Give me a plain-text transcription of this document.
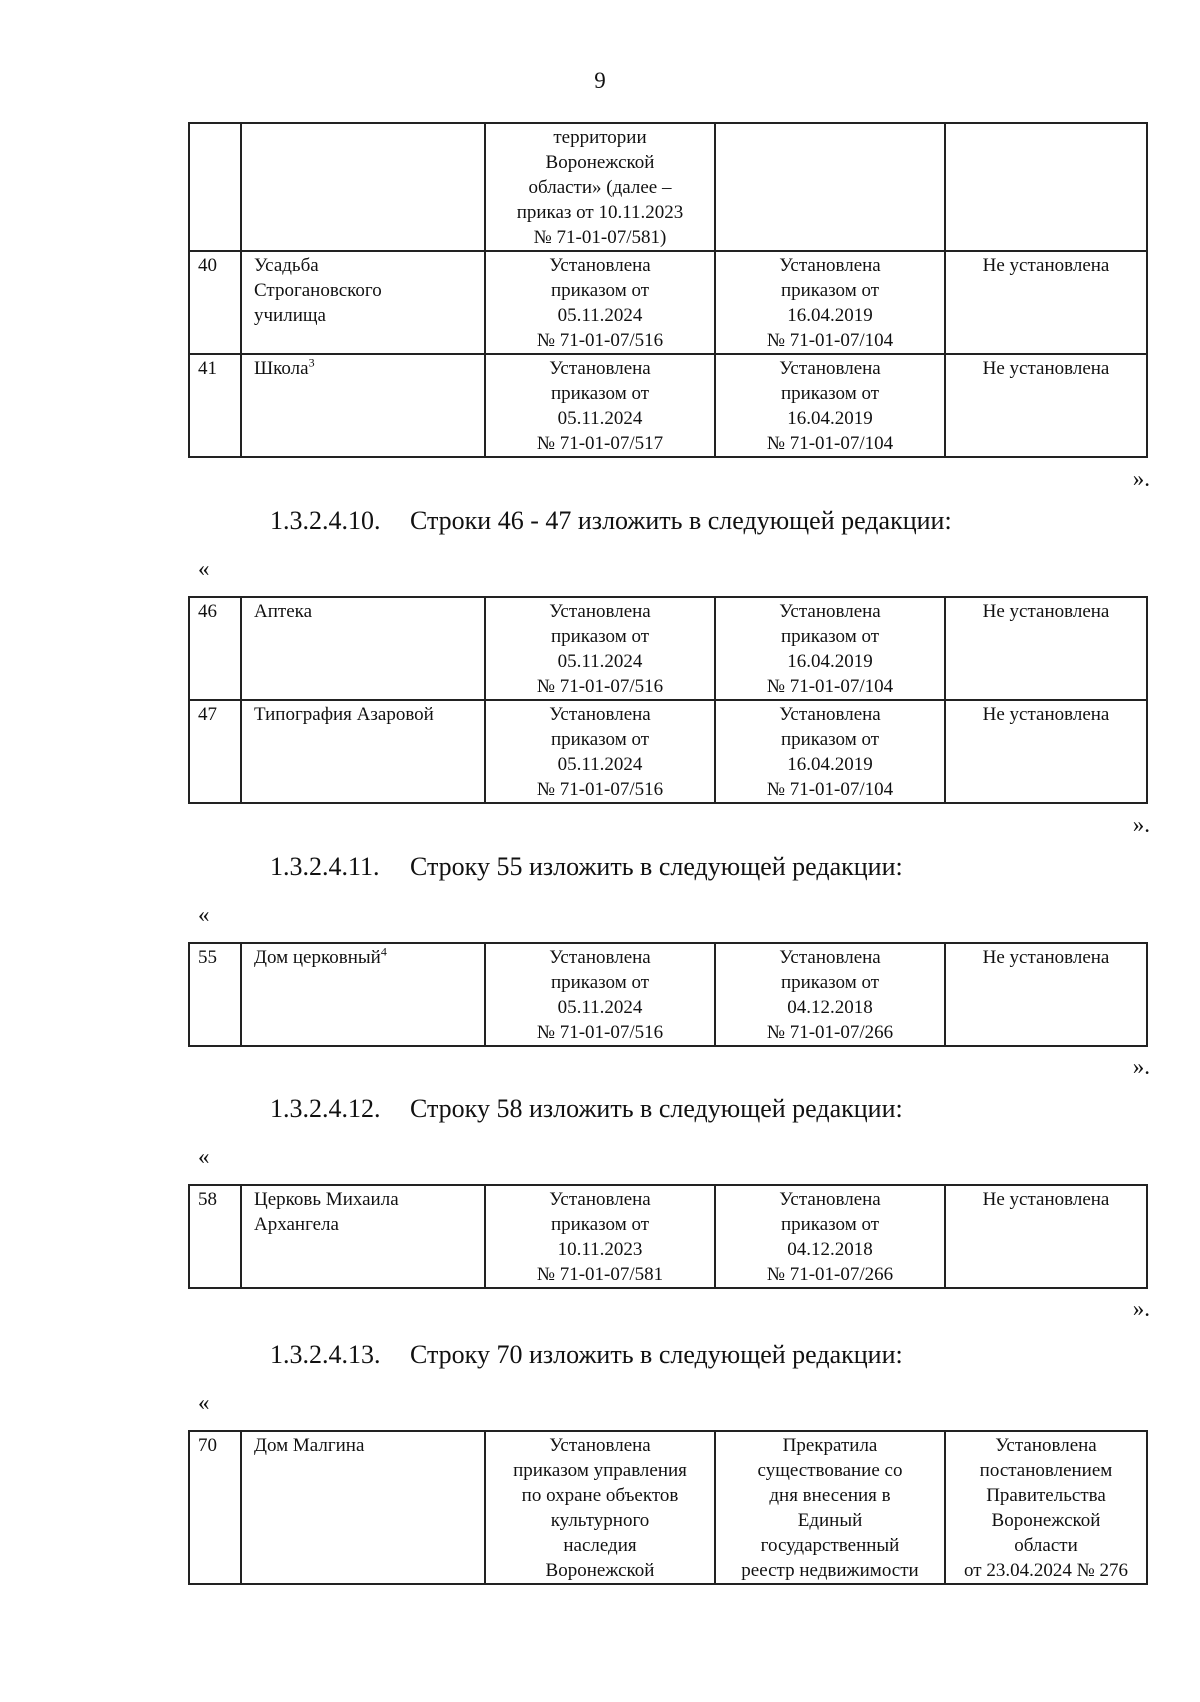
9
		территории
Воронежской
области» (далее –
приказ от 10.11.2023
№ 71-01-07/581)		
40	Усадьба
Строгановского
училища	Установлена
приказом от
05.11.2024
№ 71-01-07/516	Установлена
приказом от
16.04.2019
№ 71-01-07/104	Не установлена
41	Школа$^3$	Установлена
приказом от
05.11.2024
№ 71-01-07/517	Установлена
приказом от
16.04.2019
№ 71-01-07/104	Не установлена
».
1.3.2.4.10. Строки 46 - 47 изложить в следующей редакции:
«
46	Аптека	Установлена
приказом от
05.11.2024
№ 71-01-07/516	Установлена
приказом от
16.04.2019
№ 71-01-07/104	Не установлена
47	Типография Азаровой	Установлена
приказом от
05.11.2024
№ 71-01-07/516	Установлена
приказом от
16.04.2019
№ 71-01-07/104	Не установлена
».
1.3.2.4.11. Строку 55 изложить в следующей редакции:
«
55	Дом церковный$^4$	Установлена
приказом от
05.11.2024
№ 71-01-07/516	Установлена
приказом от
04.12.2018
№ 71-01-07/266	Не установлена
».
1.3.2.4.12. Строку 58 изложить в следующей редакции:
«
58	Церковь Михаила
Архангела	Установлена
приказом от
10.11.2023
№ 71-01-07/581	Установлена
приказом от
04.12.2018
№ 71-01-07/266	Не установлена
».
1.3.2.4.13. Строку 70 изложить в следующей редакции:
«
70	Дом Малгина	Установлена
приказом управления
по охране объектов
культурного
наследия
Воронежской	Прекратила
существование со
дня внесения в
Единый
государственный
реестр недвижимости	Установлена
постановлением
Правительства
Воронежской
области
от 23.04.2024 № 276
